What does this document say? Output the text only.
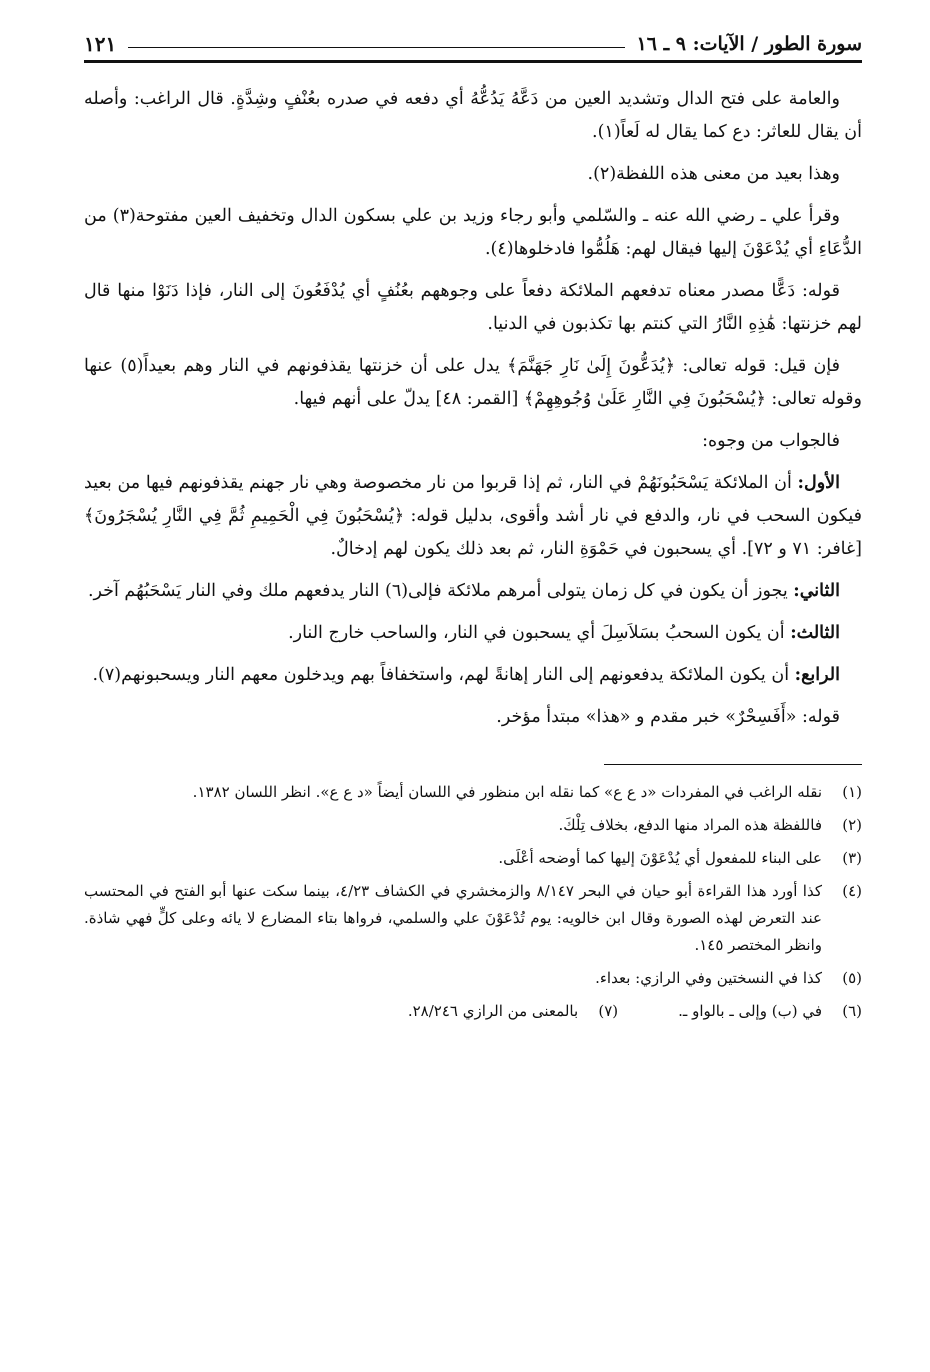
سورة الطور / الآيات: ٩ ـ ١٦
١٢١

والعامة على فتح الدال وتشديد العين من دَعَّهُ يَدُعُّهُ أي دفعه في صدره بعُنْفٍ وشِدَّةٍ. قال الراغب: وأصله أن يقال للعاثر: دع كما يقال له لَعاً(١).

وهذا بعيد من معنى هذه اللفظة(٢).

وقرأ علي ـ رضي الله عنه ـ والسّلمي وأبو رجاء وزيد بن علي بسكون الدال وتخفيف العين مفتوحة(٣) من الدُّعَاءِ أي يُدْعَوْنَ إليها فيقال لهم: هَلُمُّوا فادخلوها(٤).

قوله: دَعًّا مصدر معناه تدفعهم الملائكة دفعاً على وجوههم بعُنُفٍ أي يُدْفَعُونَ إلى النار، فإذا دَنَوْا منها قال لهم خزنتها: هَٰذِهِ النَّارُ التي كنتم بها تكذبون في الدنيا.

فإن قيل: قوله تعالى: ﴿يُدَعُّونَ إِلَىٰ نَارِ جَهَنَّمَ﴾ يدل على أن خزنتها يقذفونهم في النار وهم بعيداً(٥) عنها وقوله تعالى: ﴿يُسْحَبُونَ فِي النَّارِ عَلَىٰ وُجُوهِهِمْ﴾ [القمر: ٤٨] يدلّ على أنهم فيها.

فالجواب من وجوه:

الأول: أن الملائكة يَسْحَبُونَهُمْ في النار، ثم إذا قربوا من نار مخصوصة وهي نار جهنم يقذفونهم فيها من بعيد فيكون السحب في نار، والدفع في نار أشد وأقوى، بدليل قوله: ﴿يُسْحَبُونَ فِي الْحَمِيمِ ثُمَّ فِي النَّارِ يُسْجَرُونَ﴾ [غافر: ٧١ و ٧٢]. أي يسحبون في حَمْوَةِ النار، ثم بعد ذلك يكون لهم إدخالٌ.

الثاني: يجوز أن يكون في كل زمان يتولى أمرهم ملائكة فإلى(٦) النار يدفعهم ملك وفي النار يَسْحَبُهُم آخر.

الثالث: أن يكون السحبُ بسَلاَسِلَ أي يسحبون في النار، والساحب خارج النار.

الرابع: أن يكون الملائكة يدفعونهم إلى النار إهانةً لهم، واستخفافاً بهم ويدخلون معهم النار ويسحبونهم(٧).

قوله: «أَفَسِحْرٌ» خبر مقدم و «هذا» مبتدأ مؤخر.

(١)
نقله الراغب في المفردات «د ع ع» كما نقله ابن منظور في اللسان أيضاً «د ع ع». انظر اللسان ١٣٨٢.
(٢)
فاللفظة هذه المراد منها الدفع، بخلاف تِلْكَ.
(٣)
على البناء للمفعول أي يُدْعَوْنَ إليها كما أوضحه أعْلَى.
(٤)
كذا أورد هذا القراءة أبو حيان في البحر ٨/١٤٧ والزمخشري في الكشاف ٤/٢٣، بينما سكت عنها أبو الفتح في المحتسب عند التعرض لهذه الصورة وقال ابن خالويه: يوم تُدْعَوْنَ علي والسلمي، فرواها بتاء المضارع لا يائه وعلى كلٍّ فهي شاذة. وانظر المختصر ١٤٥.
(٥)
كذا في النسختين وفي الرازي: بعداء.
(٦)
في (ب) وإلى ـ بالواو ـ.
(٧)
بالمعنى من الرازي ٢٨/٢٤٦.
